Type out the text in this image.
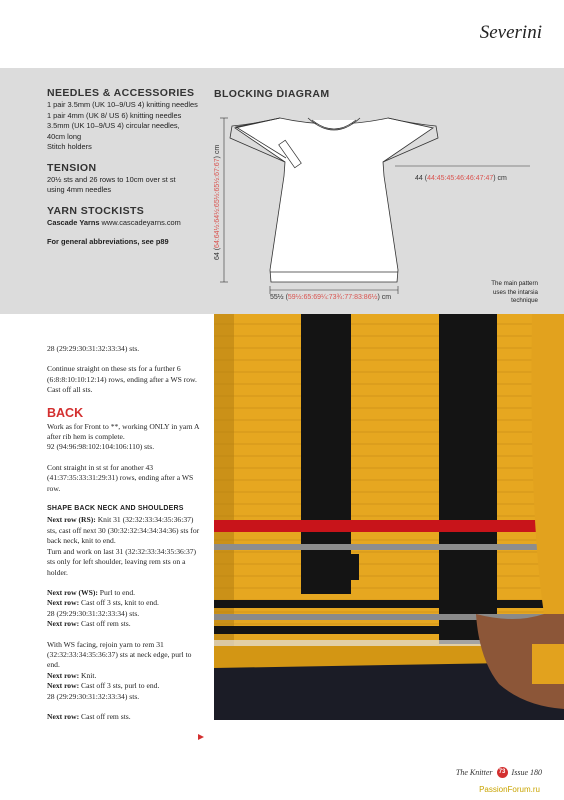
Severini
NEEDLES & ACCESSORIES

1 pair 3.5mm (UK 10–9/US 4) knitting needles

1 pair 4mm (UK 8/ US 6) knitting needles

3.5mm (UK 10–9/US 4) circular needles,

40cm long

Stitch holders

TENSION

20½ sts and 26 rows to 10cm over st st

using 4mm needles

YARN STOCKISTS

Cascade Yarns www.cascadeyarns.com

For general abbreviations, see p89

BLOCKING DIAGRAM
64 (64:64½:64½:65½:65½:67:67) cm
55½ (59½:65:69¼:73¾:77:83:86½) cm
44 (44:45:45:46:46:47:47) cm
The main pattern
uses the intarsia
technique

28 (29:29:30:31:32:33:34) sts.

Continue straight on these sts for a further 6 (6:8:8:10:10:12:14) rows, ending after a WS row.
Cast off all sts.

BACK

Work as for Front to **, working ONLY in yarn A after rib hem is complete.
92 (94:96:98:102:104:106:110) sts.

Cont straight in st st for another 43 (41:37:35:33:31:29:31) rows, ending after a WS row.

SHAPE BACK NECK AND SHOULDERS

Next row (RS): Knit 31 (32:32:33:34:35:36:37) sts, cast off next 30 (30:32:32:34:34:34:36) sts for back neck, knit to end.
Turn and work on last 31 (32:32:33:34:35:36:37) sts only for left shoulder, leaving rem sts on a holder.

Next row (WS): Purl to end.
Next row: Cast off 3 sts, knit to end.
28 (29:29:30:31:32:33:34) sts.
Next row: Cast off rem sts.

With WS facing, rejoin yarn to rem 31 (32:32:33:34:35:36:37) sts at neck edge, purl to end.
Next row: Knit.
Next row: Cast off 3 sts, purl to end.
28 (29:29:30:31:32:33:34) sts.

Next row: Cast off rem sts.

The Knitter	73 Issue 180
PassionForum.ru
